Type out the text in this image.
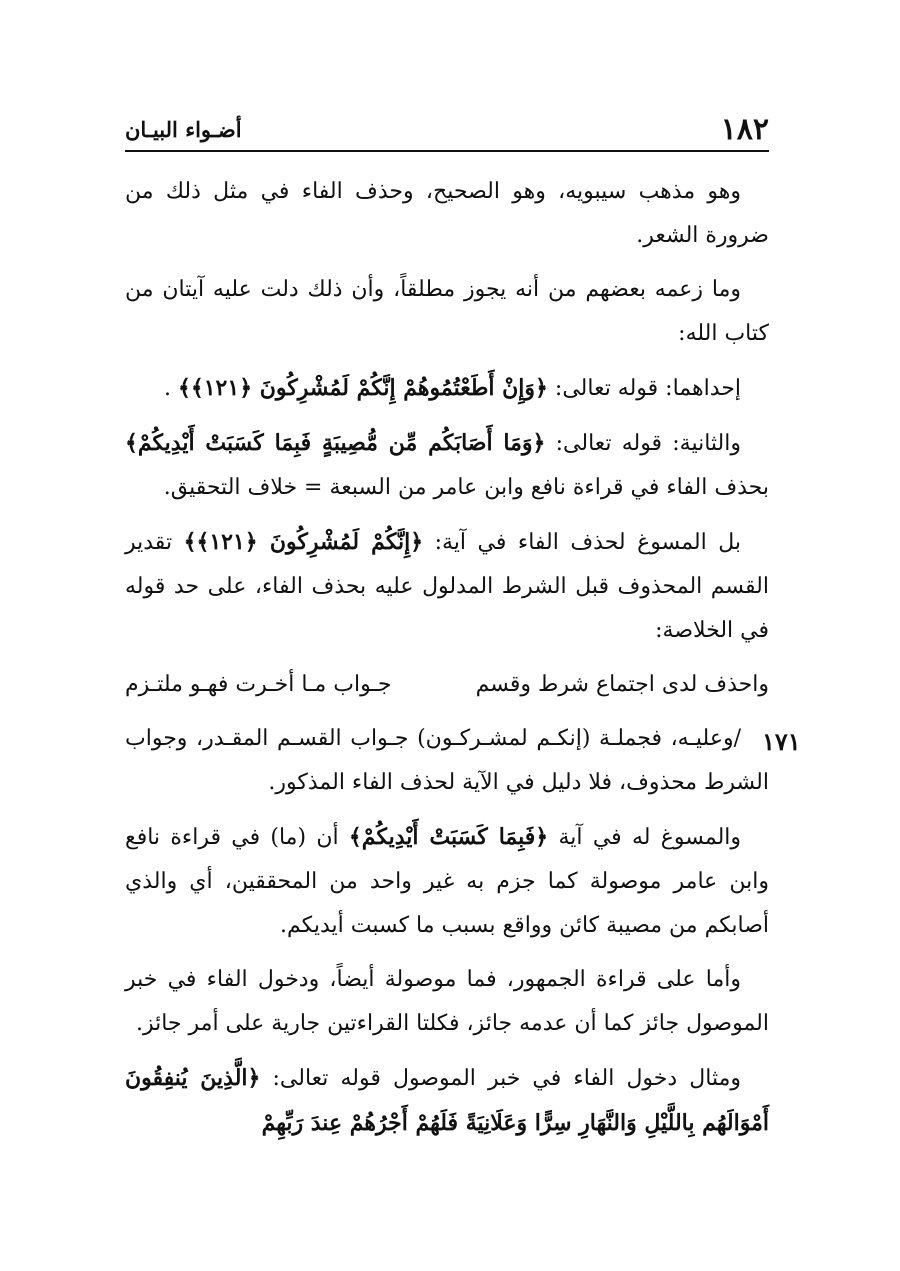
١٨٢
أضـواء البيـان
١٧١

وهو مذهب سيبويه، وهو الصحيح، وحذف الفاء في مثل ذلك من ضرورة الشعر.

وما زعمه بعضهم من أنه يجوز مطلقاً، وأن ذلك دلت عليه آيتان من كتاب الله:

إحداهما: قوله تعالى: ﴿وَإِنْ أَطَعْتُمُوهُمْ إِنَّكُمْ لَمُشْرِكُونَ ﴿١٢١﴾﴾ .

والثانية: قوله تعالى: ﴿وَمَا أَصَابَكُم مِّن مُّصِيبَةٍ فَبِمَا كَسَبَتْ أَيْدِيكُمْ﴾ بحذف الفاء في قراءة نافع وابن عامر من السبعة = خلاف التحقيق.

بل المسوغ لحذف الفاء في آية: ﴿إِنَّكُمْ لَمُشْرِكُونَ ﴿١٢١﴾﴾ تقدير القسم المحذوف قبل الشرط المدلول عليه بحذف الفاء، على حد قوله في الخلاصة:

واحذف لدى اجتماع شرط وقسم
جـواب مـا أخـرت فهـو ملتـزم

/وعليـه، فجملـة (إنكـم لمشـركـون) جـواب القسـم المقـدر، وجواب الشرط محذوف، فلا دليل في الآية لحذف الفاء المذكور.

والمسوغ له في آية ﴿فَبِمَا كَسَبَتْ أَيْدِيكُمْ﴾ أن (ما) في قراءة نافع وابن عامر موصولة كما جزم به غير واحد من المحققين، أي والذي أصابكم من مصيبة كائن وواقع بسبب ما كسبت أيديكم.

وأما على قراءة الجمهور، فما موصولة أيضاً، ودخول الفاء في خبر الموصول جائز كما أن عدمه جائز، فكلتا القراءتين جارية على أمر جائز.

ومثال دخول الفاء في خبر الموصول قوله تعالى: ﴿الَّذِينَ يُنفِقُونَ أَمْوَالَهُم بِاللَّيْلِ وَالنَّهَارِ سِرًّا وَعَلَانِيَةً فَلَهُمْ أَجْرُهُمْ عِندَ رَبِّهِمْ
